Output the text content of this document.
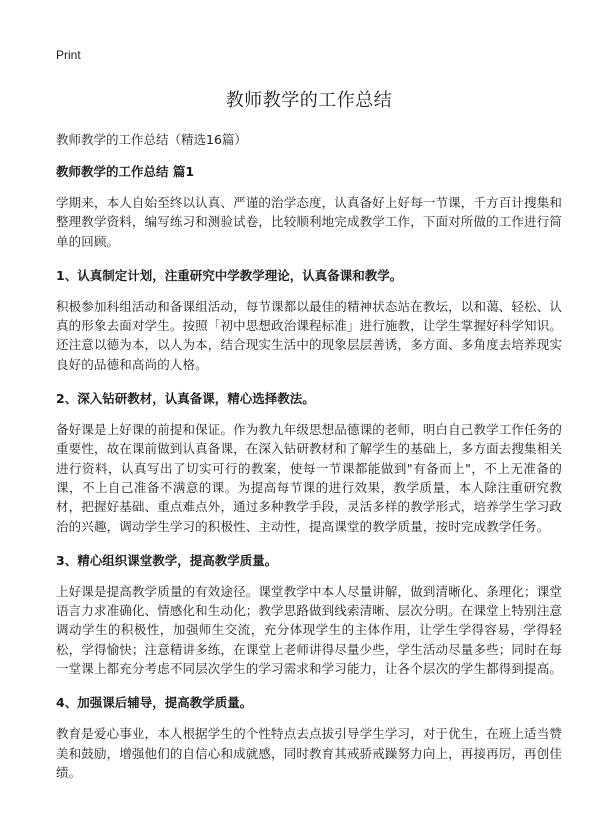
Print
教师教学的工作总结
教师教学的工作总结（精选16篇）
教师教学的工作总结 篇1
学期来，本人自始至终以认真、严谨的治学态度，认真备好上好每一节课，千方百计搜集和整理教学资料，编写练习和测验试卷，比较顺利地完成教学工作，下面对所做的工作进行简单的回顾。
1、认真制定计划，注重研究中学教学理论，认真备课和教学。
积极参加科组活动和备课组活动，每节课都以最佳的精神状态站在教坛，以和蔼、轻松、认真的形象去面对学生。按照「初中思想政治课程标准」进行施教，让学生掌握好科学知识。还注意以德为本，以人为本，结合现实生活中的现象层层善诱，多方面、多角度去培养现实良好的品德和高尚的人格。
2、深入钻研教材，认真备课，精心选择教法。
备好课是上好课的前提和保证。作为教九年级思想品德课的老师，明白自己教学工作任务的重要性，故在课前做到认真备课，在深入钻研教材和了解学生的基础上，多方面去搜集相关进行资料，认真写出了切实可行的教案，使每一节课都能做到"有备而上"，不上无准备的课，不上自己准备不满意的课。为提高每节课的进行效果，教学质量，本人除注重研究教材，把握好基础、重点难点外，通过多种教学手段，灵活多样的教学形式，培养学生学习政治的兴趣，调动学生学习的积极性、主动性，提高课堂的教学质量，按时完成教学任务。
3、精心组织课堂教学，提高教学质量。
上好课是提高教学质量的有效途径。课堂教学中本人尽量讲解，做到清晰化、条理化；课堂语言力求准确化、情感化和生动化；教学思路做到线索清晰、层次分明。在课堂上特别注意调动学生的积极性，加强师生交流，充分体现学生的主体作用，让学生学得容易，学得轻松，学得愉快；注意精讲多练，在课堂上老师讲得尽量少些，学生活动尽量多些；同时在每一堂课上都充分考虑不同层次学生的学习需求和学习能力，让各个层次的学生都得到提高。
4、加强课后辅导，提高教学质量。
教育是爱心事业，本人根据学生的个性特点去点拔引导学生学习，对于优生，在班上适当赞美和鼓励，增强他们的自信心和成就感，同时教育其戒骄戒躁努力向上，再接再厉，再创佳绩。
